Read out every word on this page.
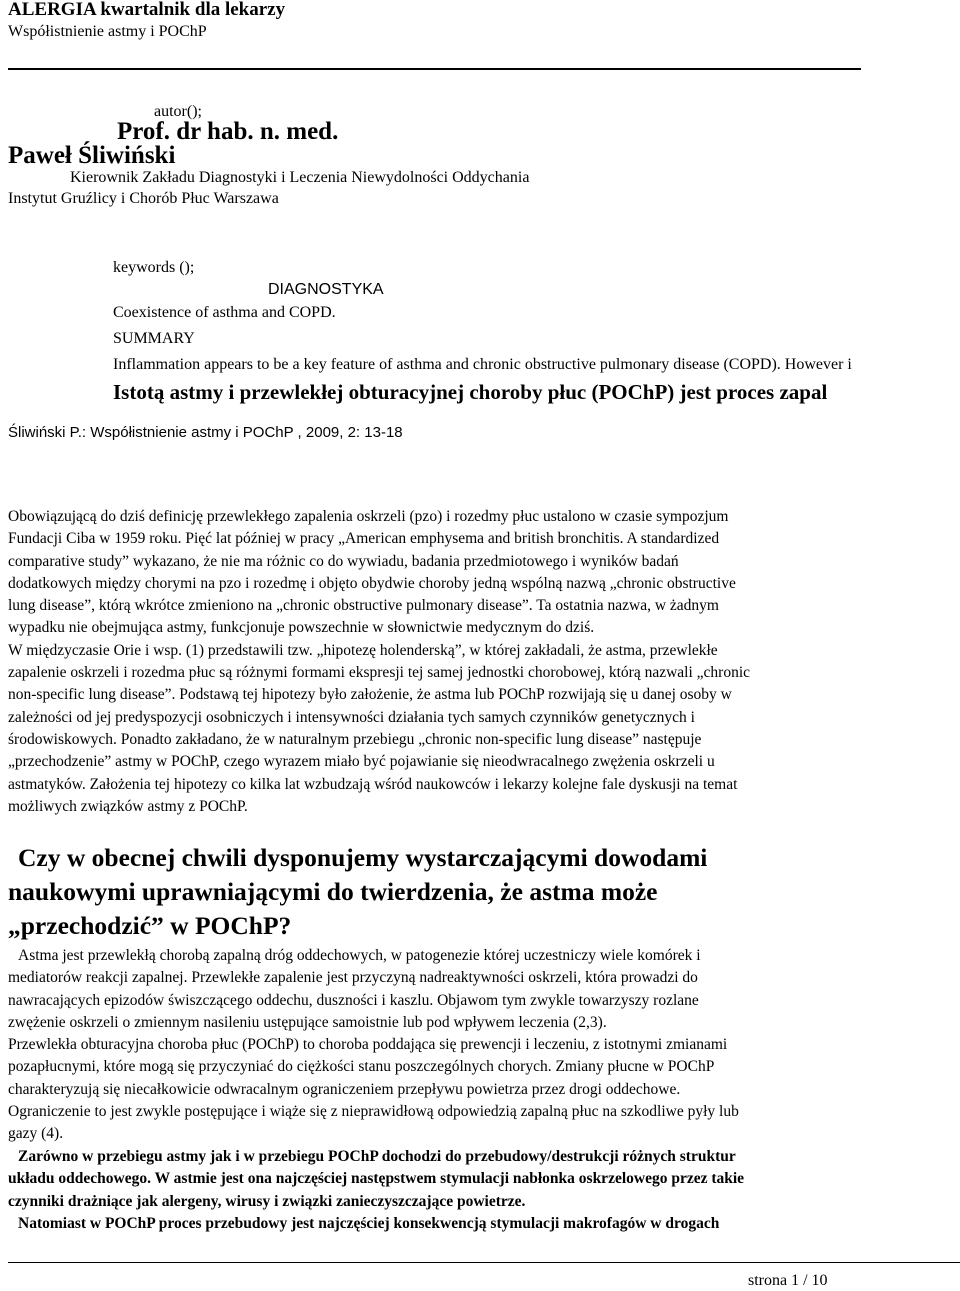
ALERGIA kwartalnik dla lekarzy
Współistnienie astmy i POChP
autor();
Prof. dr hab. n. med.
Paweł Śliwiński
Kierownik Zakładu Diagnostyki i Leczenia Niewydolności Oddychania
Instytut Gruźlicy i Chorób Płuc Warszawa
keywords ();
DIAGNOSTYKA
Coexistence of asthma and COPD.
SUMMARY
Inflammation appears to be a key feature of asthma and chronic obstructive pulmonary disease (COPD). However i
Istotą astmy i przewlekłej obturacyjnej choroby płuc (POChP) jest proces zapal
Śliwiński P.: Współistnienie astmy i POChP , 2009, 2: 13-18
Obowiązującą do dziś definicję przewlekłego zapalenia oskrzeli (pzo) i rozedmy płuc ustalono w czasie sympozjum
Fundacji Ciba w 1959 roku. Pięć lat później w pracy „American emphysema and british bronchitis. A standardized
comparative study” wykazano, że nie ma różnic co do wywiadu, badania przedmiotowego i wyników badań
dodatkowych między chorymi na pzo i rozedmę i objęto obydwie choroby jedną wspólną nazwą „chronic obstructive
lung disease”, którą wkrótce zmieniono na „chronic obstructive pulmonary disease”. Ta ostatnia nazwa, w żadnym
wypadku nie obejmująca astmy, funkcjonuje powszechnie w słownictwie medycznym do dziś.
W międzyczasie Orie i wsp. (1) przedstawili tzw. „hipotezę holenderską”, w której zakładali, że astma, przewlekłe
zapalenie oskrzeli i rozedma płuc są różnymi formami ekspresji tej samej jednostki chorobowej, którą nazwali „chronic
non-specific lung disease”. Podstawą tej hipotezy było założenie, że astma lub POChP rozwijają się u danej osoby w
zależności od jej predyspozycji osobniczych i intensywności działania tych samych czynników genetycznych i
środowiskowych. Ponadto zakładano, że w naturalnym przebiegu „chronic non-specific lung disease” następuje
„przechodzenie” astmy w POChP, czego wyrazem miało być pojawianie się nieodwracalnego zwężenia oskrzeli u
astmatyków. Założenia tej hipotezy co kilka lat wzbudzają wśród naukowców i lekarzy kolejne fale dyskusji na temat
możliwych związków astmy z POChP.
Czy w obecnej chwili dysponujemy wystarczającymi dowodami
naukowymi uprawniającymi do twierdzenia, że astma może
„przechodzić” w POChP?
Astma jest przewlekłą chorobą zapalną dróg oddechowych, w patogenezie której uczestniczy wiele komórek i
mediatorów reakcji zapalnej. Przewlekłe zapalenie jest przyczyną nadreaktywności oskrzeli, która prowadzi do
nawracających epizodów świszczącego oddechu, duszności i kaszlu. Objawom tym zwykle towarzyszy rozlane
zwężenie oskrzeli o zmiennym nasileniu ustępujące samoistnie lub pod wpływem leczenia (2,3).
Przewlekła obturacyjna choroba płuc (POChP) to choroba poddająca się prewencji i leczeniu, z istotnymi zmianami
pozapłucnymi, które mogą się przyczyniać do ciężkości stanu poszczególnych chorych. Zmiany płucne w POChP
charakteryzują się niecałkowicie odwracalnym ograniczeniem przepływu powietrza przez drogi oddechowe.
Ograniczenie to jest zwykle postępujące i wiąże się z nieprawidłową odpowiedzią zapalną płuc na szkodliwe pyły lub
gazy (4).
Zarówno w przebiegu astmy jak i w przebiegu POChP dochodzi do przebudowy/destrukcji różnych struktur
układu oddechowego. W astmie jest ona najczęściej następstwem stymulacji nabłonka oskrzelowego przez takie
czynniki drażniące jak alergeny, wirusy i związki zanieczyszczające powietrze.
Natomiast w POChP proces przebudowy jest najczęściej konsekwencją stymulacji makrofagów w drogach
strona 1 / 10
